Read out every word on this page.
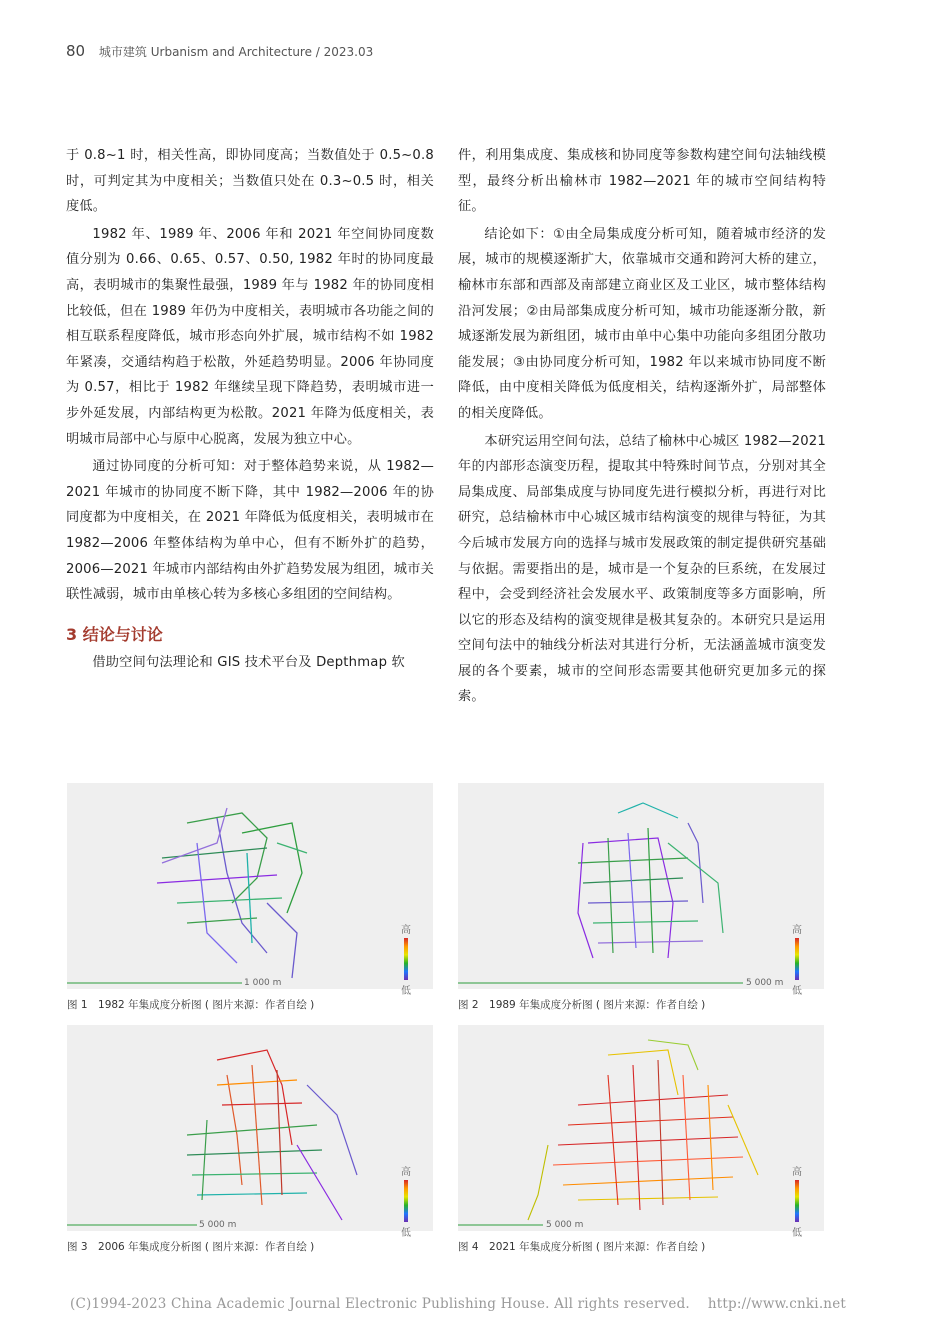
80 城市建筑 Urbanism and Architecture / 2023.03

于 0.8~1 时，相关性高，即协同度高；当数值处于 0.5~0.8 时，可判定其为中度相关；当数值只处在 0.3~0.5 时，相关度低。

1982 年、1989 年、2006 年和 2021 年空间协同度数值分别为 0.66、0.65、0.57、0.50, 1982 年时的协同度最高，表明城市的集聚性最强，1989 年与 1982 年的协同度相比较低，但在 1989 年仍为中度相关，表明城市各功能之间的相互联系程度降低，城市形态向外扩展，城市结构不如 1982 年紧凑，交通结构趋于松散，外延趋势明显。2006 年协同度为 0.57，相比于 1982 年继续呈现下降趋势，表明城市进一步外延发展，内部结构更为松散。2021 年降为低度相关，表明城市局部中心与原中心脱离，发展为独立中心。

通过协同度的分析可知：对于整体趋势来说，从 1982—2021 年城市的协同度不断下降，其中 1982—2006 年的协同度都为中度相关，在 2021 年降低为低度相关，表明城市在 1982—2006 年整体结构为单中心，但有不断外扩的趋势，2006—2021 年城市内部结构由外扩趋势发展为组团，城市关联性减弱，城市由单核心转为多核心多组团的空间结构。

3 结论与讨论

借助空间句法理论和 GIS 技术平台及 Depthmap 软

件，利用集成度、集成核和协同度等参数构建空间句法轴线模型，最终分析出榆林市 1982—2021 年的城市空间结构特征。

结论如下：①由全局集成度分析可知，随着城市经济的发展，城市的规模逐渐扩大，依靠城市交通和跨河大桥的建立，榆林市东部和西部及南部建立商业区及工业区，城市整体结构沿河发展；②由局部集成度分析可知，城市功能逐渐分散，新城逐渐发展为新组团，城市由单中心集中功能向多组团分散功能发展；③由协同度分析可知，1982 年以来城市协同度不断降低，由中度相关降低为低度相关，结构逐渐外扩，局部整体的相关度降低。

本研究运用空间句法，总结了榆林中心城区 1982—2021 年的内部形态演变历程，提取其中特殊时间节点，分别对其全局集成度、局部集成度与协同度先进行模拟分析，再进行对比研究，总结榆林市中心城区城市结构演变的规律与特征，为其今后城市发展方向的选择与城市发展政策的制定提供研究基础与依据。需要指出的是，城市是一个复杂的巨系统，在发展过程中，会受到经济社会发展水平、政策制度等多方面影响，所以它的形态及结构的演变规律是极其复杂的。本研究只是运用空间句法中的轴线分析法对其进行分析，无法涵盖城市演变发展的各个要素，城市的空间形态需要其他研究更加多元的探索。

1 000 m
高
低
图 1　1982 年集成度分析图 ( 图片来源：作者自绘 )
5 000 m
高
低
图 2　1989 年集成度分析图 ( 图片来源：作者自绘 )
5 000 m
高
低
图 3　2006 年集成度分析图 ( 图片来源：作者自绘 )
5 000 m
高
低
图 4　2021 年集成度分析图 ( 图片来源：作者自绘 )
(C)1994-2023 China Academic Journal Electronic Publishing House. All rights reserved. http://www.cnki.net
